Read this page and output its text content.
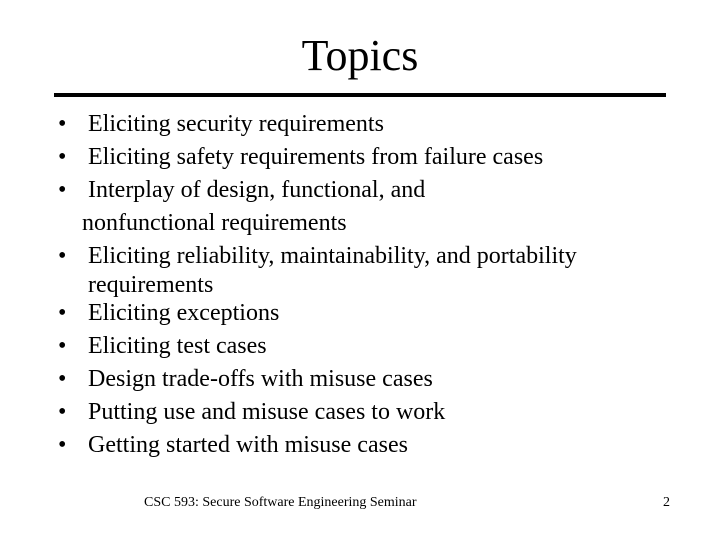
Topics
• Eliciting security requirements
• Eliciting safety requirements from failure cases
• Interplay of design, functional, and
nonfunctional requirements
• Eliciting reliability, maintainability, and portability
requirements
• Eliciting exceptions
• Eliciting test cases
• Design trade-offs with misuse cases
• Putting use and misuse cases to work
• Getting started with misuse cases
CSC 593: Secure Software Engineering Seminar	2
